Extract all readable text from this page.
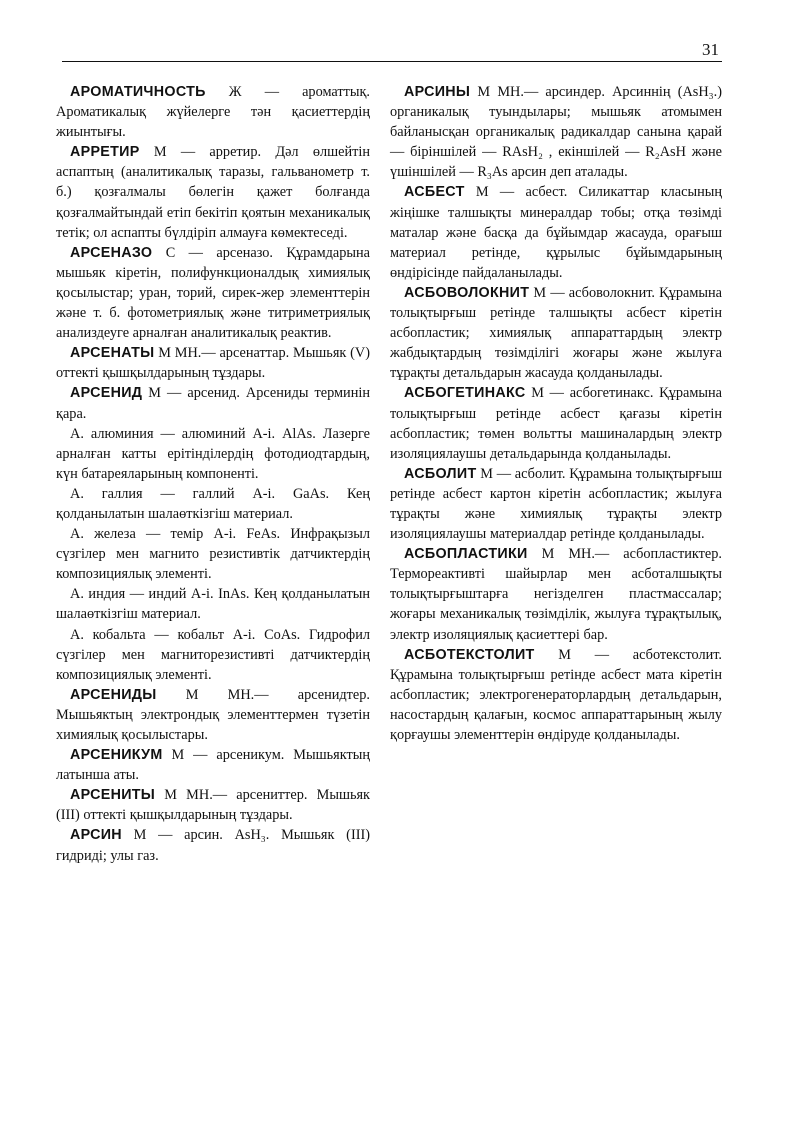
31

АРОМАТИЧНОСТЬ Ж — ароматтық. Ароматикалық жүйелерге тән қасиеттердің жиынтығы.

АРРЕТИР М — арретир. Дәл өлшейтін аспаптың (аналитикалық таразы, гальванометр т. б.) қозғалмалы бөлегін қажет болғанда қозғалмайтындай етіп бекітіп қоятын механикалық тетік; ол аспапты бүлдіріп алмауға көмектеседі.

АРСЕНАЗО С — арсеназо. Құрамдарына мышьяк кіретін, полифункционалдық химиялық қосылыстар; уран, торий, сирек-жер элементтерін және т. б. фотометриялық және титриметриялық анализдеуге арналған аналитикалық реактив.

АРСЕНАТЫ М МН.— арсенаттар. Мышьяк (V) оттекті қышқылдарының тұздары.

АРСЕНИД М — арсенид. Арсениды терминін қара.

А. алюминия — алюминий А-і. AlAs. Лазерге арналған катты ерітінділердің фотодиодтардың, күн батареяларының компоненті.

А. галлия — галлий А-і. GaAs. Кең қолданылатын шалаөткізгіш материал.

А. железа — темір А-і. FeAs. Инфрақызыл сүзгілер мен магнито резистивтік датчиктердің композициялық элементі.

А. индия — индий А-і. InAs. Кең қолданылатын шалаөткізгіш материал.

А. кобальта — кобальт А-і. CoAs. Гидрофил сүзгілер мен магниторезистивті датчиктердің композициялық элементі.

АРСЕНИДЫ М МН.— арсенидтер. Мышьяктың электрондық элементтермен түзетін химиялық қосылыстары.

АРСЕНИКУМ М — арсеникум. Мышьяктың латынша аты.

АРСЕНИТЫ М МН.— арсениттер. Мышьяк (III) оттекті қышқылдарының тұздары.

АРСИН М — арсин. AsH₃. Мышьяк (III) гидриді; улы газ.

АРСИНЫ М МН.— арсиндер. Арсиннің (AsH₃.) органикалық туындылары; мышьяк атомымен байланысқан органикалық радикалдар санына қарай — біріншілей — RAsH₂ , екіншілей — R₂AsH және үшіншілей — R₃As арсин деп аталады.

АСБЕСТ М — асбест. Силикаттар класының жіңішке талшықты минералдар тобы; отқа төзімді маталар және басқа да бұйымдар жасауда, орағыш материал ретінде, құрылыс бұйымдарының өндірісінде пайдаланылады.

АСБОВОЛОКНИТ М — асбоволокнит. Құрамына толықтырғыш ретінде талшықты асбест кіретін асбопластик; химиялық аппараттардың электр жабдықтардың төзімділігі жоғары және жылуға тұрақты детальдарын жасауда қолданылады.

АСБОГЕТИНАКС М — асбогетинакс. Құрамына толықтырғыш ретінде асбест қағазы кіретін асбопластик; төмен вольтты машиналардың электр изоляциялаушы детальдарында қолданылады.

АСБОЛИТ М — асболит. Құрамына толықтырғыш ретінде асбест картон кіретін асбопластик; жылуға тұрақты және химиялық тұрақты электр изоляциялаушы материалдар ретінде қолданылады.

АСБОПЛАСТИКИ М МН.— асбопластиктер. Термореактивті шайырлар мен асботалшықты толықтырғыштарға негізделген пластмассалар; жоғары механикалық төзімділік, жылуға тұрақтылық, электр изоляциялық қасиеттері бар.

АСБОТЕКСТОЛИТ М — асботекстолит. Құрамына толықтырғыш ретінде асбест мата кіретін асбопластик; электрогенераторлардың детальдарын, насостардың қалағын, космос аппараттарының жылу қорғаушы элементтерін өндіруде қолданылады.
